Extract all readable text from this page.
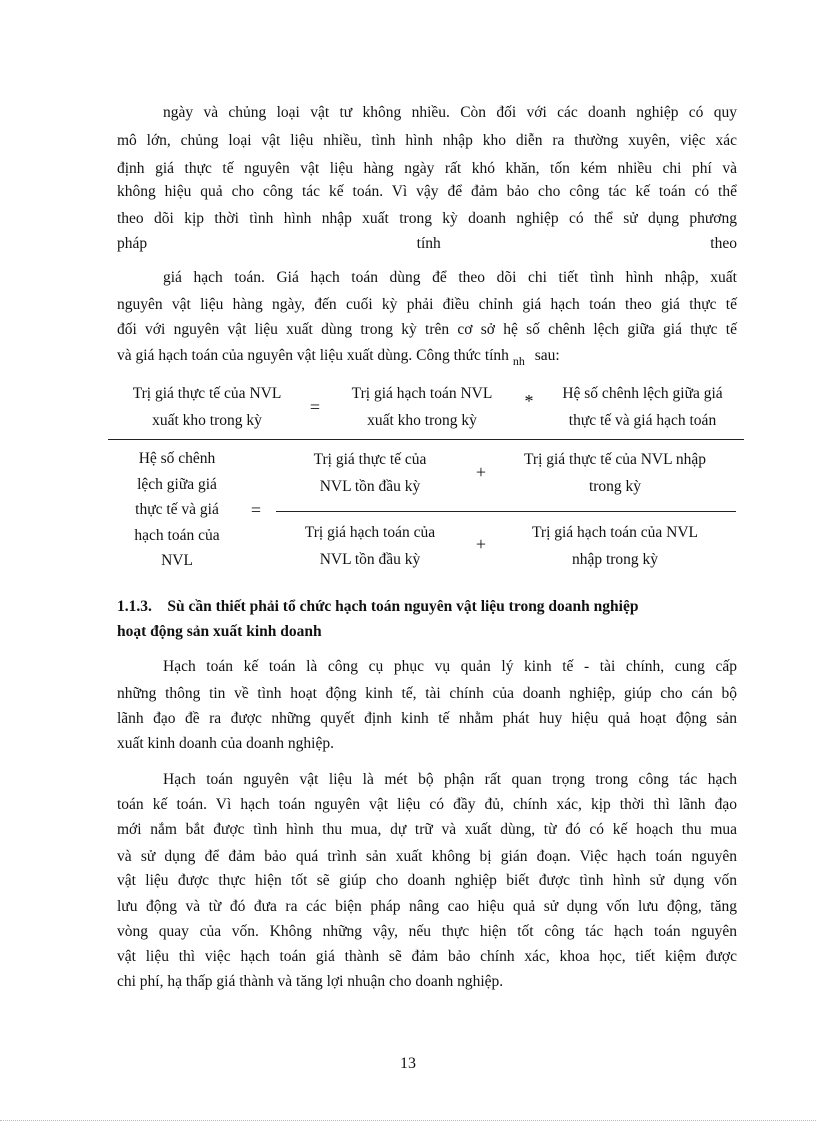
ngày và chủng loại vật tư không nhiều. Còn đối với các doanh nghiệp có quy
mô lớn, chủng loại vật liệu nhiều, tình hình nhập kho diễn ra thường xuyên, việc xác
định giá thực tế nguyên vật liệu hàng ngày rất khó khăn, tốn kém nhiều chi phí và
không hiệu quả cho công tác kế toán. Vì vậy để đảm bảo cho công tác kế toán có thể
theo dõi kịp thời tình hình nhập xuất trong kỳ doanh nghiệp có thể sử dụng phương
pháp tính theo
giá hạch toán. Giá hạch toán dùng để theo dõi chi tiết tình hình nhập, xuất
nguyên vật liệu hàng ngày, đến cuối kỳ phải điều chỉnh giá hạch toán theo giá thực tế
đối với nguyên vật liệu xuất dùng trong kỳ trên cơ sở hệ số chênh lệch giữa giá thực tế
và giá hạch toán của nguyên vật liệu xuất dùng. Công thức tính $_{nh}$ sau:
Trị giá thực tế của NVL
xuất kho trong kỳ
=
Trị giá hạch toán NVL
xuất kho trong kỳ
*	Hệ số chênh lệch giữa giá
thực tế và giá hạch toán
Hệ số chênh
lệch giữa giá
thực tế và giá
hạch toán của
NVL
=
Trị giá thực tế của
NVL tồn đầu kỳ
+
Trị giá thực tế của NVL nhập
trong kỳ
Trị giá hạch toán của
NVL tồn đầu kỳ
+
Trị giá hạch toán của NVL
nhập trong kỳ
1.1.3.    Sù cần thiết phải tổ chức hạch toán nguyên vật liệu trong doanh nghiệp
hoạt động sản xuất kinh doanh
Hạch toán kế toán là công cụ phục vụ quản lý kinh tế - tài chính, cung cấp
những thông tin về tình hoạt động kinh tế, tài chính của doanh nghiệp, giúp cho cán bộ
lãnh đạo đề ra được những quyết định kinh tế nhằm phát huy hiệu quả hoạt động sản
xuất kinh doanh của doanh nghiệp.
Hạch toán nguyên vật liệu là mét bộ phận rất quan trọng trong công tác hạch
toán kế toán. Vì hạch toán nguyên vật liệu có đầy đủ, chính xác, kịp thời thì lãnh đạo
mới nắm bắt được tình hình thu mua, dự trữ và xuất dùng, từ đó có kế hoạch thu mua
và sử dụng để đảm bảo quá trình sản xuất không bị gián đoạn. Việc hạch toán nguyên
vật liệu được thực hiện tốt sẽ giúp cho doanh nghiệp biết được tình hình sử dụng vốn
lưu động và từ đó đưa ra các biện pháp nâng cao hiệu quả sử dụng vốn lưu động, tăng
vòng quay của vốn. Không những vậy, nếu thực hiện tốt công tác hạch toán nguyên
vật liệu thì việc hạch toán giá thành sẽ đảm bảo chính xác, khoa học, tiết kiệm được
chi phí, hạ thấp giá thành và tăng lợi nhuận cho doanh nghiệp.
13
